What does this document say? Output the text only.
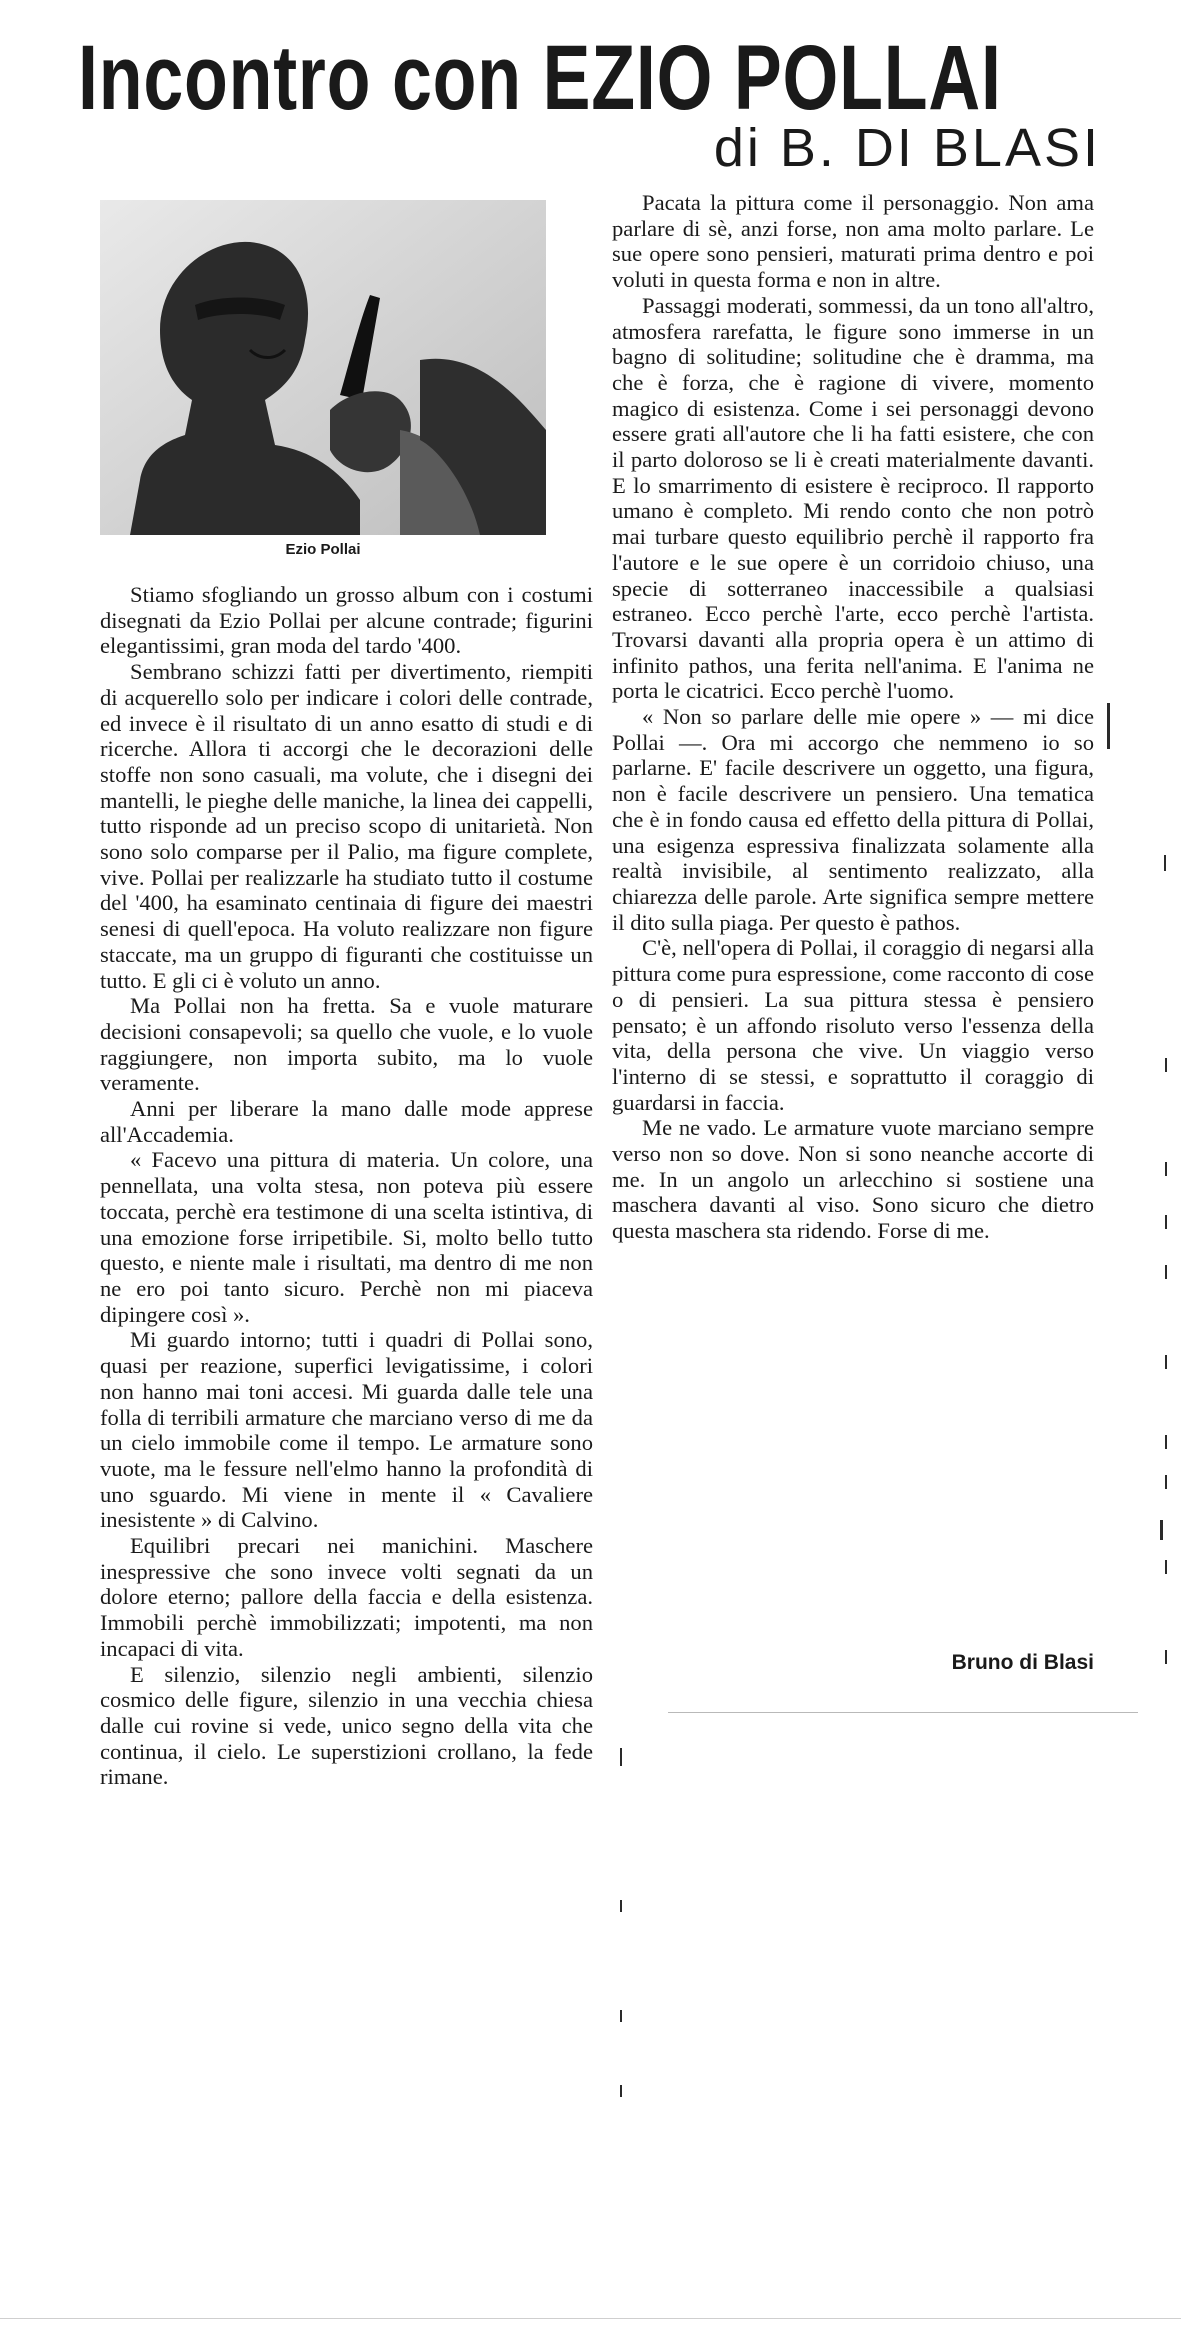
Incontro con EZIO POLLAI
di B. DI BLASI
Ezio Pollai

Stiamo sfogliando un grosso album con i costumi disegnati da Ezio Pollai per alcune contrade; figurini elegantissimi, gran moda del tardo '400.

Sembrano schizzi fatti per divertimento, riempiti di acquerello solo per indicare i colori delle contrade, ed invece è il risultato di un anno esatto di studi e di ricerche. Allora ti accorgi che le decorazioni delle stoffe non sono casuali, ma volute, che i disegni dei mantelli, le pieghe delle maniche, la linea dei cappelli, tutto risponde ad un preciso scopo di unitarietà. Non sono solo comparse per il Palio, ma figure complete, vive. Pollai per realizzarle ha studiato tutto il costume del '400, ha esaminato centinaia di figure dei maestri senesi di quell'epoca. Ha voluto realizzare non figure staccate, ma un gruppo di figuranti che costituisse un tutto. E gli ci è voluto un anno.

Ma Pollai non ha fretta. Sa e vuole maturare decisioni consapevoli; sa quello che vuole, e lo vuole raggiungere, non importa subito, ma lo vuole veramente.

Anni per liberare la mano dalle mode apprese all'Accademia.

« Facevo una pittura di materia. Un colore, una pennellata, una volta stesa, non poteva più essere toccata, perchè era testimone di una scelta istintiva, di una emozione forse irripetibile. Si, molto bello tutto questo, e niente male i risultati, ma dentro di me non ne ero poi tanto sicuro. Perchè non mi piaceva dipingere così ».

Mi guardo intorno; tutti i quadri di Pollai sono, quasi per reazione, superfici levigatissime, i colori non hanno mai toni accesi. Mi guarda dalle tele una folla di terribili armature che marciano verso di me da un cielo immobile come il tempo. Le armature sono vuote, ma le fessure nell'elmo hanno la profondità di uno sguardo. Mi viene in mente il « Cavaliere inesistente » di Calvino.

Equilibri precari nei manichini. Maschere inespressive che sono invece volti segnati da un dolore eterno; pallore della faccia e della esistenza. Immobili perchè immobilizzati; impotenti, ma non incapaci di vita.

E silenzio, silenzio negli ambienti, silenzio cosmico delle figure, silenzio in una vecchia chiesa dalle cui rovine si vede, unico segno della vita che continua, il cielo. Le superstizioni crollano, la fede rimane.

Pacata la pittura come il personaggio. Non ama parlare di sè, anzi forse, non ama molto parlare. Le sue opere sono pensieri, maturati prima dentro e poi voluti in questa forma e non in altre.

Passaggi moderati, sommessi, da un tono all'altro, atmosfera rarefatta, le figure sono immerse in un bagno di solitudine; solitudine che è dramma, ma che è forza, che è ragione di vivere, momento magico di esistenza. Come i sei personaggi devono essere grati all'autore che li ha fatti esistere, che con il parto doloroso se li è creati materialmente davanti. E lo smarrimento di esistere è reciproco. Il rapporto umano è completo. Mi rendo conto che non potrò mai turbare questo equilibrio perchè il rapporto fra l'autore e le sue opere è un corridoio chiuso, una specie di sotterraneo inaccessibile a qualsiasi estraneo. Ecco perchè l'arte, ecco perchè l'artista. Trovarsi davanti alla propria opera è un attimo di infinito pathos, una ferita nell'anima. E l'anima ne porta le cicatrici. Ecco perchè l'uomo.

« Non so parlare delle mie opere » — mi dice Pollai —. Ora mi accorgo che nemmeno io so parlarne. E' facile descrivere un oggetto, una figura, non è facile descrivere un pensiero. Una tematica che è in fondo causa ed effetto della pittura di Pollai, una esigenza espressiva finalizzata solamente alla realtà invisibile, al sentimento realizzato, alla chiarezza delle parole. Arte significa sempre mettere il dito sulla piaga. Per questo è pathos.

C'è, nell'opera di Pollai, il coraggio di negarsi alla pittura come pura espressione, come racconto di cose o di pensieri. La sua pittura stessa è pensiero pensato; è un affondo risoluto verso l'essenza della vita, della persona che vive. Un viaggio verso l'interno di se stessi, e soprattutto il coraggio di guardarsi in faccia.

Me ne vado. Le armature vuote marciano sempre verso non so dove. Non si sono neanche accorte di me. In un angolo un arlecchino si sostiene una maschera davanti al viso. Sono sicuro che dietro questa maschera sta ridendo. Forse di me.

Bruno di Blasi
